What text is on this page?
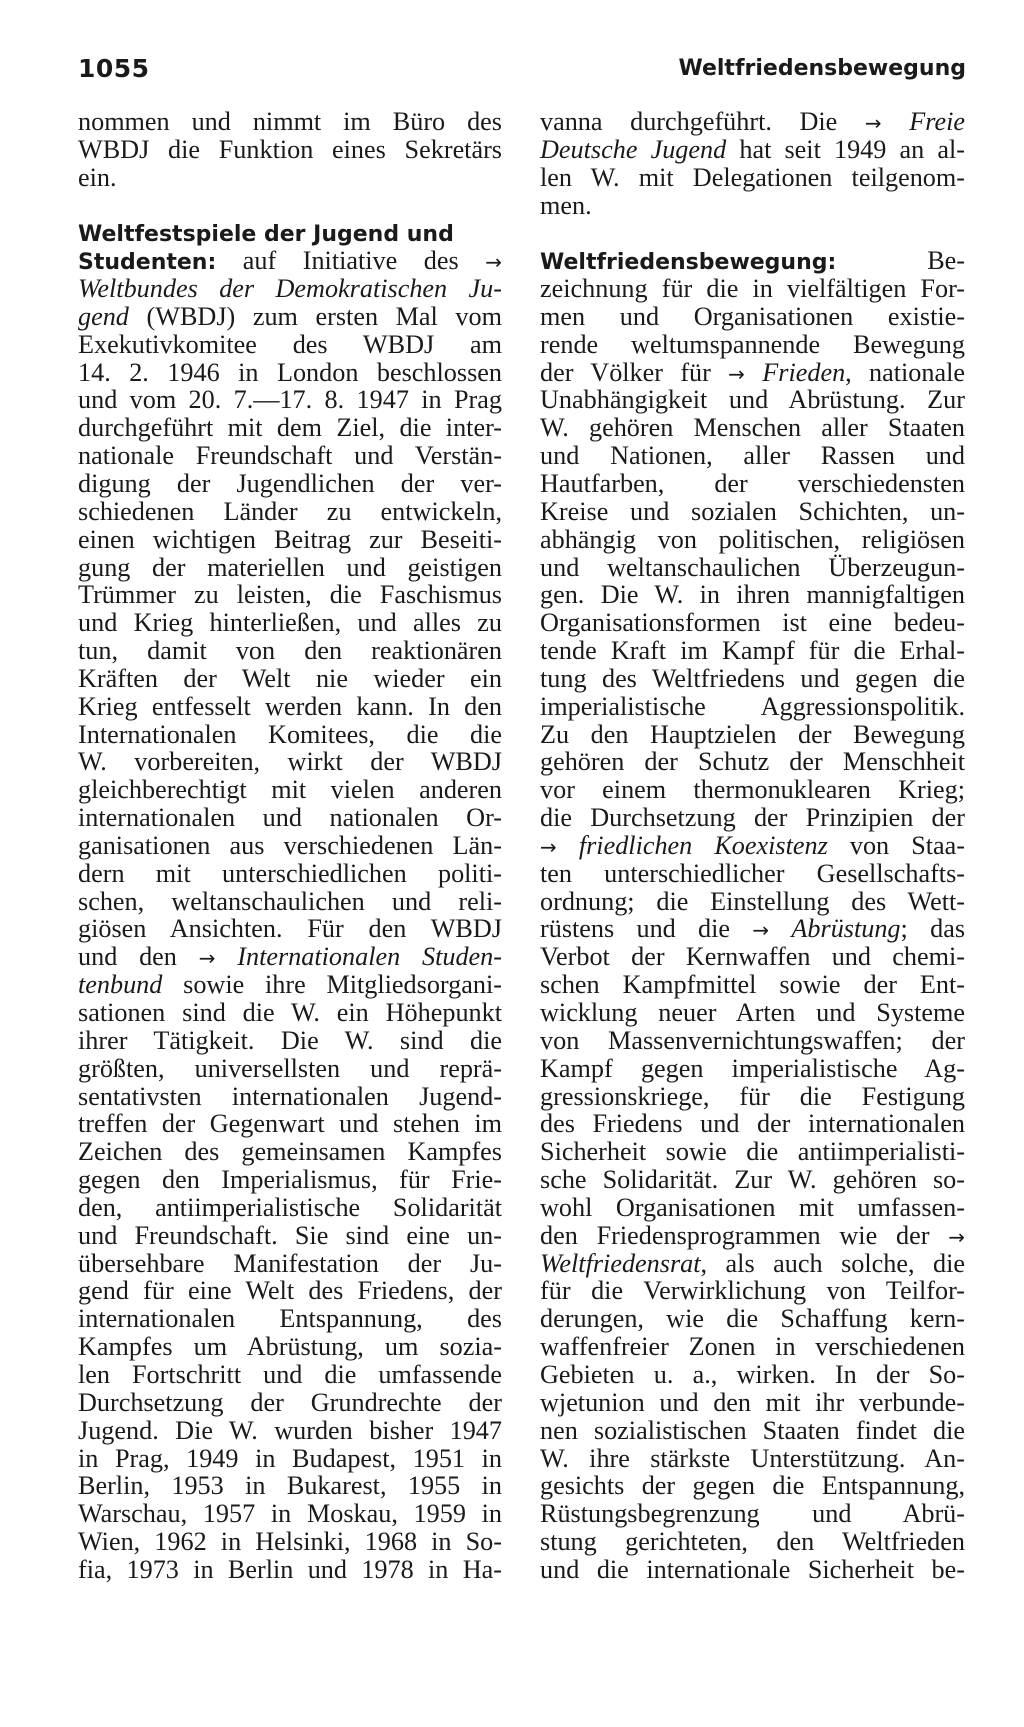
1055	Weltfriedensbewegung
nommen und nimmt im Büro des
WBDJ die Funktion eines Sekretärs
ein.
Weltfestspiele der Jugend und
Studenten: auf Initiative des →
Weltbundes der Demokratischen Ju-
gend (WBDJ) zum ersten Mal vom
Exekutivkomitee des WBDJ am
14. 2. 1946 in London beschlossen
und vom 20. 7.—17. 8. 1947 in Prag
durchgeführt mit dem Ziel, die inter-
nationale Freundschaft und Verstän-
digung der Jugendlichen der ver-
schiedenen Länder zu entwickeln,
einen wichtigen Beitrag zur Beseiti-
gung der materiellen und geistigen
Trümmer zu leisten, die Faschismus
und Krieg hinterließen, und alles zu
tun, damit von den reaktionären
Kräften der Welt nie wieder ein
Krieg entfesselt werden kann. In den
Internationalen Komitees, die die
W. vorbereiten, wirkt der WBDJ
gleichberechtigt mit vielen anderen
internationalen und nationalen Or-
ganisationen aus verschiedenen Län-
dern mit unterschiedlichen politi-
schen, weltanschaulichen und reli-
giösen Ansichten. Für den WBDJ
und den → Internationalen Studen-
tenbund sowie ihre Mitgliedsorgani-
sationen sind die W. ein Höhepunkt
ihrer Tätigkeit. Die W. sind die
größten, universellsten und reprä-
sentativsten internationalen Jugend-
treffen der Gegenwart und stehen im
Zeichen des gemeinsamen Kampfes
gegen den Imperialismus, für Frie-
den, antiimperialistische Solidarität
und Freundschaft. Sie sind eine un-
übersehbare Manifestation der Ju-
gend für eine Welt des Friedens, der
internationalen Entspannung, des
Kampfes um Abrüstung, um sozia-
len Fortschritt und die umfassende
Durchsetzung der Grundrechte der
Jugend. Die W. wurden bisher 1947
in Prag, 1949 in Budapest, 1951 in
Berlin, 1953 in Bukarest, 1955 in
Warschau, 1957 in Moskau, 1959 in
Wien, 1962 in Helsinki, 1968 in So-
fia, 1973 in Berlin und 1978 in Ha-
vanna durchgeführt. Die → Freie
Deutsche Jugend hat seit 1949 an al-
len W. mit Delegationen teilgenom-
men.
Weltfriedensbewegung: Be-
zeichnung für die in vielfältigen For-
men und Organisationen existie-
rende weltumspannende Bewegung
der Völker für → Frieden, nationale
Unabhängigkeit und Abrüstung. Zur
W. gehören Menschen aller Staaten
und Nationen, aller Rassen und
Hautfarben, der verschiedensten
Kreise und sozialen Schichten, un-
abhängig von politischen, religiösen
und weltanschaulichen Überzeugun-
gen. Die W. in ihren mannigfaltigen
Organisationsformen ist eine bedeu-
tende Kraft im Kampf für die Erhal-
tung des Weltfriedens und gegen die
imperialistische Aggressionspolitik.
Zu den Hauptzielen der Bewegung
gehören der Schutz der Menschheit
vor einem thermonuklearen Krieg;
die Durchsetzung der Prinzipien der
→ friedlichen Koexistenz von Staa-
ten unterschiedlicher Gesellschafts-
ordnung; die Einstellung des Wett-
rüstens und die → Abrüstung; das
Verbot der Kernwaffen und chemi-
schen Kampfmittel sowie der Ent-
wicklung neuer Arten und Systeme
von Massenvernichtungswaffen; der
Kampf gegen imperialistische Ag-
gressionskriege, für die Festigung
des Friedens und der internationalen
Sicherheit sowie die antiimperialisti-
sche Solidarität. Zur W. gehören so-
wohl Organisationen mit umfassen-
den Friedensprogrammen wie der →
Weltfriedensrat, als auch solche, die
für die Verwirklichung von Teilfor-
derungen, wie die Schaffung kern-
waffenfreier Zonen in verschiedenen
Gebieten u. a., wirken. In der So-
wjetunion und den mit ihr verbunde-
nen sozialistischen Staaten findet die
W. ihre stärkste Unterstützung. An-
gesichts der gegen die Entspannung,
Rüstungsbegrenzung und Abrü-
stung gerichteten, den Weltfrieden
und die internationale Sicherheit be-
